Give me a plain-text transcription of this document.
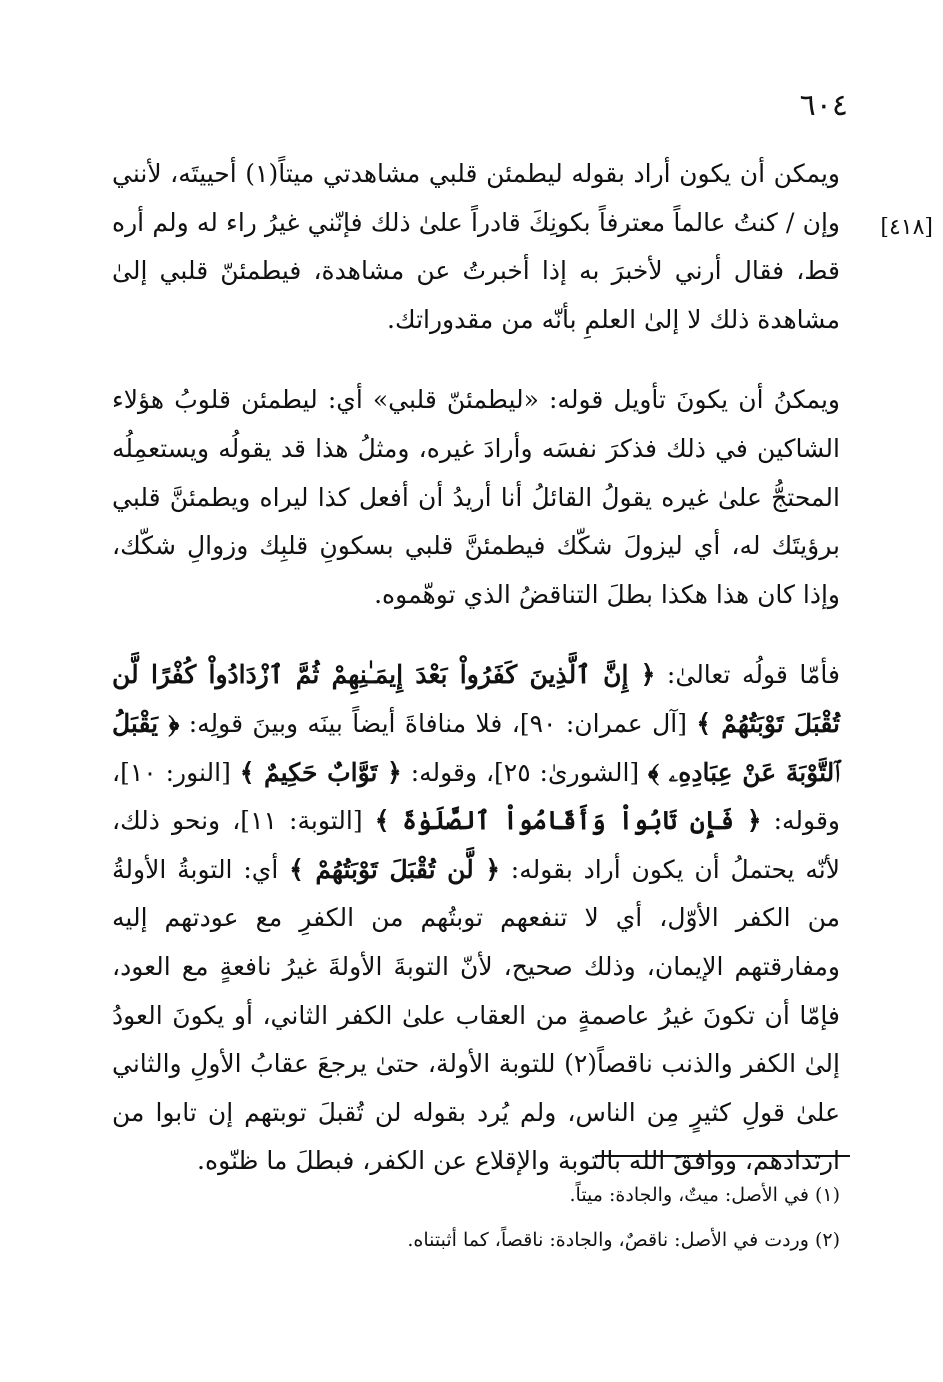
٦٠٤
[٤١٨]

ويمكن أن يكون أراد بقوله ليطمئن قلبي مشاهدتي ميتاً(١) أحييتَه، لأنني وإن / كنتُ عالماً معترفاً بكونِكَ قادراً علىٰ ذلك فإنّني غيرُ راء له ولم أره قط، فقال أرني لأخبرَ به إذا أخبرتُ عن مشاهدة، فيطمئنّ قلبي إلىٰ مشاهدة ذلك لا إلىٰ العلمِ بأنّه من مقدوراتك.

ويمكنُ أن يكونَ تأويل قوله: «ليطمئنّ قلبي» أي: ليطمئن قلوبُ هؤلاء الشاكين في ذلك فذكرَ نفسَه وأرادَ غيره، ومثلُ هذا قد يقولُه ويستعمِلُه المحتجُّ علىٰ غيره يقولُ القائلُ أنا أريدُ أن أفعل كذا ليراه ويطمئنَّ قلبي برؤيتَك له، أي ليزولَ شكّك فيطمئنَّ قلبي بسكونِ قلبِك وزوالِ شكّك، وإذا كان هذا هكذا بطلَ التناقضُ الذي توهّموه.

فأمّا قولُه تعالىٰ: ﴿ إِنَّ ٱلَّذِينَ كَفَرُواْ بَعْدَ إِيمَـٰنِهِمْ ثُمَّ ٱزْدَادُواْ كُفْرًا لَّن تُقْبَلَ تَوْبَتُهُمْ ﴾ [آل عمران: ٩٠]، فلا منافاةَ أيضاً بينَه وبينَ قولِه: ﴿ يَقْبَلُ ٱلتَّوْبَةَ عَنْ عِبَادِهِۦ ﴾ [الشورىٰ: ٢٥]، وقوله: ﴿ تَوَّابٌ حَكِيمٌ ﴾ [النور: ١٠]، وقوله: ﴿ فَإِن تَابُواْ وَأَقَامُواْ ٱلصَّلَوٰةَ ﴾ [التوبة: ١١]، ونحو ذلك، لأنّه يحتملُ أن يكون أراد بقوله: ﴿ لَّن تُقْبَلَ تَوْبَتُهُمْ ﴾ أي: التوبةُ الأولةُ من الكفر الأوّل، أي لا تنفعهم توبتُهم من الكفرِ مع عودتهم إليه ومفارقتهم الإيمان، وذلك صحيح، لأنّ التوبةَ الأولةَ غيرُ نافعةٍ مع العود، فإمّا أن تكونَ غيرُ عاصمةٍ من العقاب علىٰ الكفر الثاني، أو يكونَ العودُ إلىٰ الكفر والذنب ناقصاً(٢) للتوبة الأولة، حتىٰ يرجعَ عقابُ الأولِ والثاني علىٰ قولِ كثيرٍ مِن الناس، ولم يُرد بقوله لن تُقبلَ توبتهم إن تابوا من ارتدادهم، ووافقَ الله بالتوبة والإقلاع عن الكفر، فبطلَ ما ظنّوه.

(١) في الأصل: ميتٌ، والجادة: ميتاً.

(٢) وردت في الأصل: ناقصٌ، والجادة: ناقصاً، كما أثبتناه.
